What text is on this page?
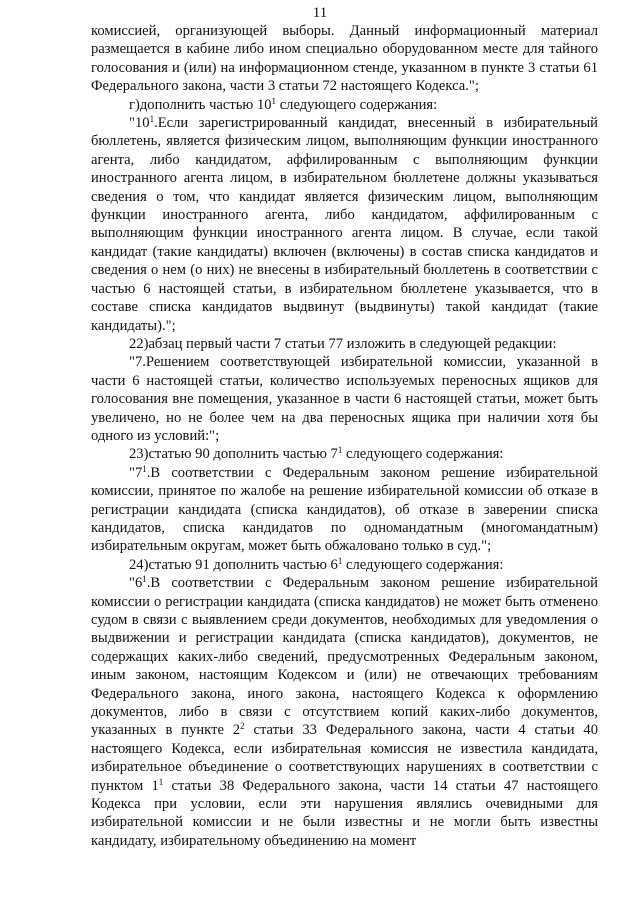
11

комиссией, организующей выборы. Данный информационный материал размещается в кабине либо ином специально оборудованном месте для тайного голосования и (или) на информационном стенде, указанном в пункте 3 статьи 61 Федерального закона, части 3 статьи 72 настоящего Кодекса.";

г)дополнить частью $10^1$ следующего содержания:

"$10^1.Если$ зарегистрированный кандидат, внесенный в избирательный бюллетень, является физическим лицом, выполняющим функции иностранного агента, либо кандидатом, аффилированным с выполняющим функции иностранного агента лицом, в избирательном бюллетене должны указываться сведения о том, что кандидат является физическим лицом, выполняющим функции иностранного агента, либо кандидатом, аффилированным с выполняющим функции иностранного агента лицом. В случае, если такой кандидат (такие кандидаты) включен (включены) в состав списка кандидатов и сведения о нем (о них) не внесены в избирательный бюллетень в соответствии с частью 6 настоящей статьи, в избирательном бюллетене указывается, что в составе списка кандидатов выдвинут (выдвинуты) такой кандидат (такие кандидаты).";

22)абзац первый части 7 статьи 77 изложить в следующей редакции:

"7.Решением соответствующей избирательной комиссии, указанной в части 6 настоящей статьи, количество используемых переносных ящиков для голосования вне помещения, указанное в части 6 настоящей статьи, может быть увеличено, но не более чем на два переносных ящика при наличии хотя бы одного из условий:";

23)статью 90 дополнить частью $7^1$ следующего содержания:

"$7^1.В$ соответствии с Федеральным законом решение избирательной комиссии, принятое по жалобе на решение избирательной комиссии об отказе в регистрации кандидата (списка кандидатов), об отказе в заверении списка кандидатов, списка кандидатов по одномандатным (многомандатным) избирательным округам, может быть обжаловано только в суд.";

24)статью 91 дополнить частью $6^1$ следующего содержания:

"$6^1.В$ соответствии с Федеральным законом решение избирательной комиссии о регистрации кандидата (списка кандидатов) не может быть отменено судом в связи с выявлением среди документов, необходимых для уведомления о выдвижении и регистрации кандидата (списка кандидатов), документов, не содержащих каких-либо сведений, предусмотренных Федеральным законом, иным законом, настоящим Кодексом и (или) не отвечающих требованиям Федерального закона, иного закона, настоящего Кодекса к оформлению документов, либо в связи с отсутствием копий каких-либо документов, указанных в пункте $2^2$ статьи 33 Федерального закона, части 4 статьи 40 настоящего Кодекса, если избирательная комиссия не известила кандидата, избирательное объединение о соответствующих нарушениях в соответствии с пунктом $1^1$ статьи 38 Федерального закона, части 14 статьи 47 настоящего Кодекса при условии, если эти нарушения являлись очевидными для избирательной комиссии и не были известны и не могли быть известны кандидату, избирательному объединению на момент
